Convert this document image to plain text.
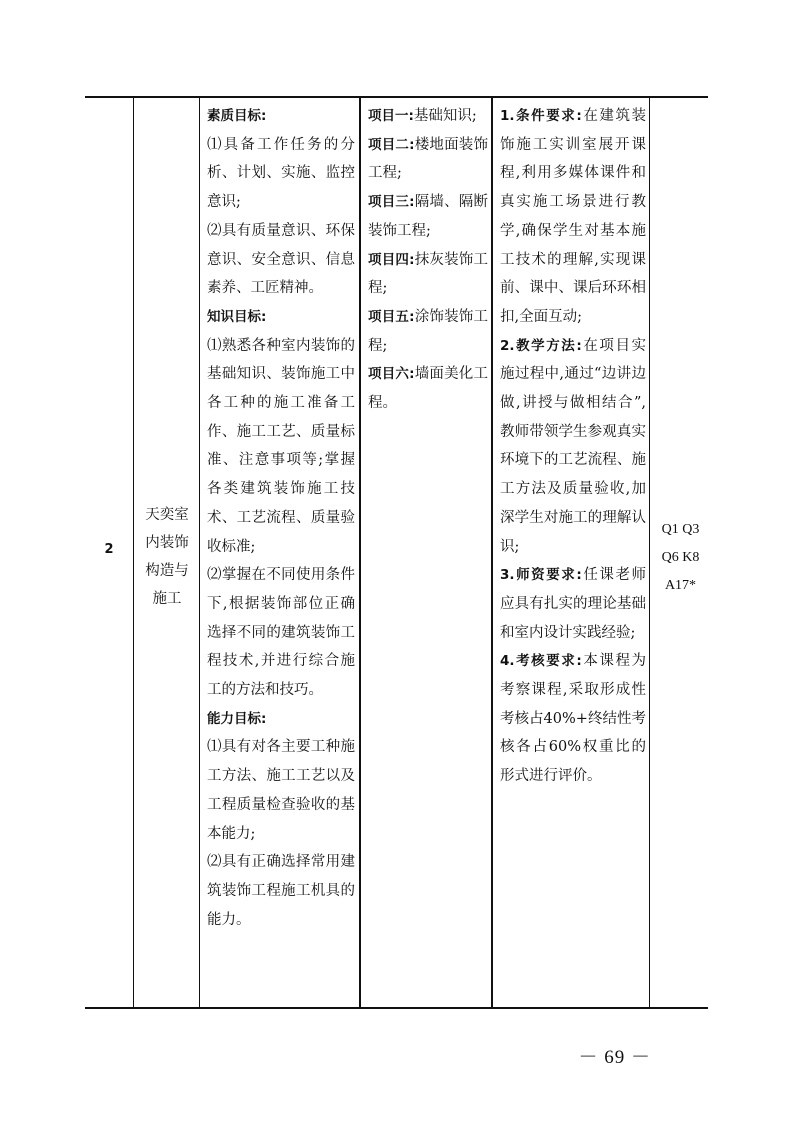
2
天奕室内装饰构造与施工
素质目标:
⑴具备工作任务的分析、计划、实施、监控意识;
⑵具有质量意识、环保意识、安全意识、信息素养、工匠精神。
知识目标:
⑴熟悉各种室内装饰的基础知识、装饰施工中各工种的施工准备工作、施工工艺、质量标准、注意事项等;掌握各类建筑装饰施工技术、工艺流程、质量验收标准;
⑵掌握在不同使用条件下,根据装饰部位正确选择不同的建筑装饰工程技术,并进行综合施工的方法和技巧。
能力目标:
⑴具有对各主要工种施工方法、施工工艺以及工程质量检查验收的基本能力;
⑵具有正确选择常用建筑装饰工程施工机具的能力。
项目一:基础知识;
项目二:楼地面装饰工程;
项目三:隔墙、隔断装饰工程;
项目四:抹灰装饰工程;
项目五:涂饰装饰工程;
项目六:墙面美化工程。
1.条件要求:在建筑装饰施工实训室展开课程,利用多媒体课件和真实施工场景进行教学,确保学生对基本施工技术的理解,实现课前、课中、课后环环相扣,全面互动;
2.教学方法:在项目实施过程中,通过“边讲边做,讲授与做相结合”,教师带领学生参观真实环境下的工艺流程、施工方法及质量验收,加深学生对施工的理解认识;
3.师资要求:任课老师应具有扎实的理论基础和室内设计实践经验;
4.考核要求:本课程为考察课程,采取形成性考核占40%+终结性考核各占60%权重比的形式进行评价。
Q1 Q3 Q6 K8 A17*
－ 69 －
